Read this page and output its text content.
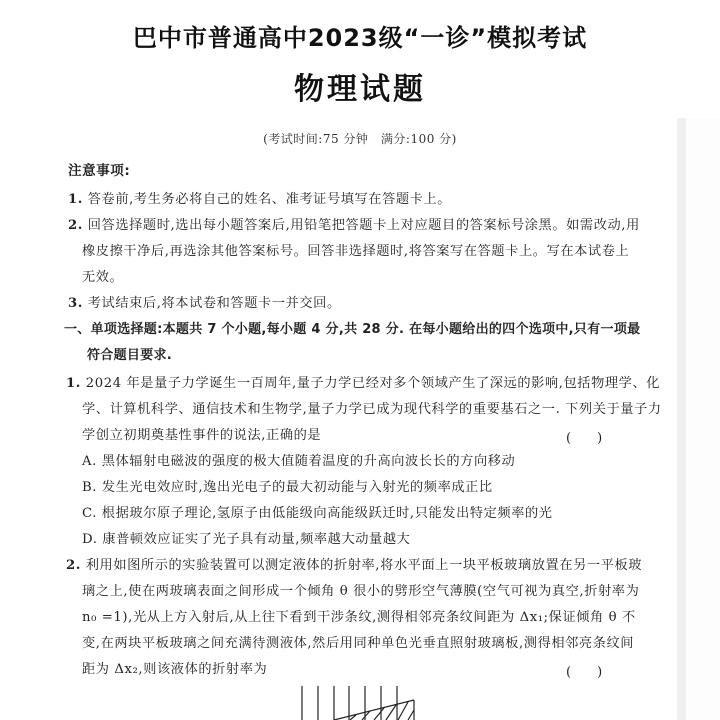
巴中市普通高中2023级“一诊”模拟考试
物理试题
(考试时间:75 分钟　满分:100 分)
注意事项:
1. 答卷前,考生务必将自己的姓名、准考证号填写在答题卡上。
2. 回答选择题时,选出每小题答案后,用铅笔把答题卡上对应题目的答案标号涂黑。如需改动,用
橡皮擦干净后,再选涂其他答案标号。回答非选择题时,将答案写在答题卡上。写在本试卷上
无效。
3. 考试结束后,将本试卷和答题卡一并交回。
一、单项选择题:本题共 7 个小题,每小题 4 分,共 28 分. 在每小题给出的四个选项中,只有一项最
符合题目要求.
1. 2024 年是量子力学诞生一百周年,量子力学已经对多个领域产生了深远的影响,包括物理学、化
学、计算机科学、通信技术和生物学,量子力学已成为现代科学的重要基石之一. 下列关于量子力
学创立初期奠基性事件的说法,正确的是	(　　)
A. 黑体辐射电磁波的强度的极大值随着温度的升高向波长长的方向移动
B. 发生光电效应时,逸出光电子的最大初动能与入射光的频率成正比
C. 根据玻尔原子理论,氢原子由低能级向高能级跃迁时,只能发出特定频率的光
D. 康普顿效应证实了光子具有动量,频率越大动量越大
2. 利用如图所示的实验装置可以测定液体的折射率,将水平面上一块平板玻璃放置在另一平板玻
璃之上,使在两玻璃表面之间形成一个倾角 θ 很小的劈形空气薄膜(空气可视为真空,折射率为
n₀ =1),光从上方入射后,从上往下看到干涉条纹,测得相邻亮条纹间距为 Δx₁;保证倾角 θ 不
变,在两块平板玻璃之间充满待测液体,然后用同种单色光垂直照射玻璃板,测得相邻亮条纹间
距为 Δx₂,则该液体的折射率为	(　　)
